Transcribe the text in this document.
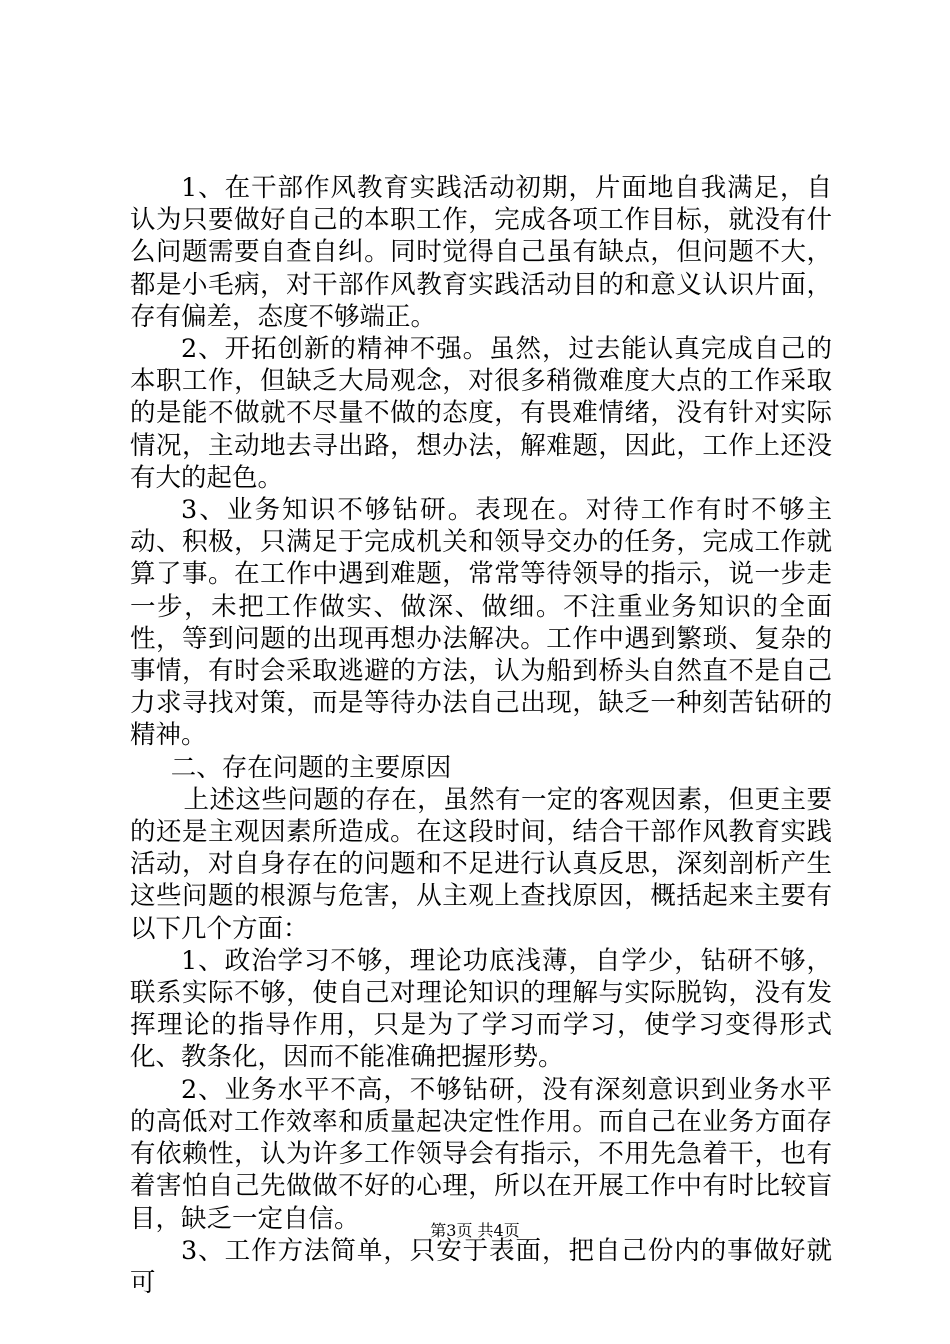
1、在干部作风教育实践活动初期，片面地自我满足，自认为只要做好自己的本职工作，完成各项工作目标，就没有什么问题需要自查自纠。同时觉得自己虽有缺点，但问题不大，都是小毛病，对干部作风教育实践活动目的和意义认识片面，存有偏差，态度不够端正。

2、开拓创新的精神不强。虽然，过去能认真完成自己的本职工作，但缺乏大局观念，对很多稍微难度大点的工作采取的是能不做就不尽量不做的态度，有畏难情绪，没有针对实际情况，主动地去寻出路，想办法，解难题，因此，工作上还没有大的起色。

3、业务知识不够钻研。表现在。对待工作有时不够主动、积极，只满足于完成机关和领导交办的任务，完成工作就算了事。在工作中遇到难题，常常等待领导的指示，说一步走一步，未把工作做实、做深、做细。不注重业务知识的全面性，等到问题的出现再想办法解决。工作中遇到繁琐、复杂的事情，有时会采取逃避的方法，认为船到桥头自然直不是自己力求寻找对策，而是等待办法自己出现，缺乏一种刻苦钻研的精神。

二、存在问题的主要原因

上述这些问题的存在，虽然有一定的客观因素，但更主要的还是主观因素所造成。在这段时间，结合干部作风教育实践活动，对自身存在的问题和不足进行认真反思，深刻剖析产生这些问题的根源与危害，从主观上查找原因，概括起来主要有以下几个方面：

1、政治学习不够，理论功底浅薄，自学少，钻研不够，联系实际不够，使自己对理论知识的理解与实际脱钩，没有发挥理论的指导作用，只是为了学习而学习，使学习变得形式化、教条化，因而不能准确把握形势。

2、业务水平不高，不够钻研，没有深刻意识到业务水平的高低对工作效率和质量起决定性作用。而自己在业务方面存有依赖性，认为许多工作领导会有指示，不用先急着干，也有着害怕自己先做做不好的心理，所以在开展工作中有时比较盲目，缺乏一定自信。

3、工作方法简单，只安于表面，把自己份内的事做好就可

第3页 共4页
